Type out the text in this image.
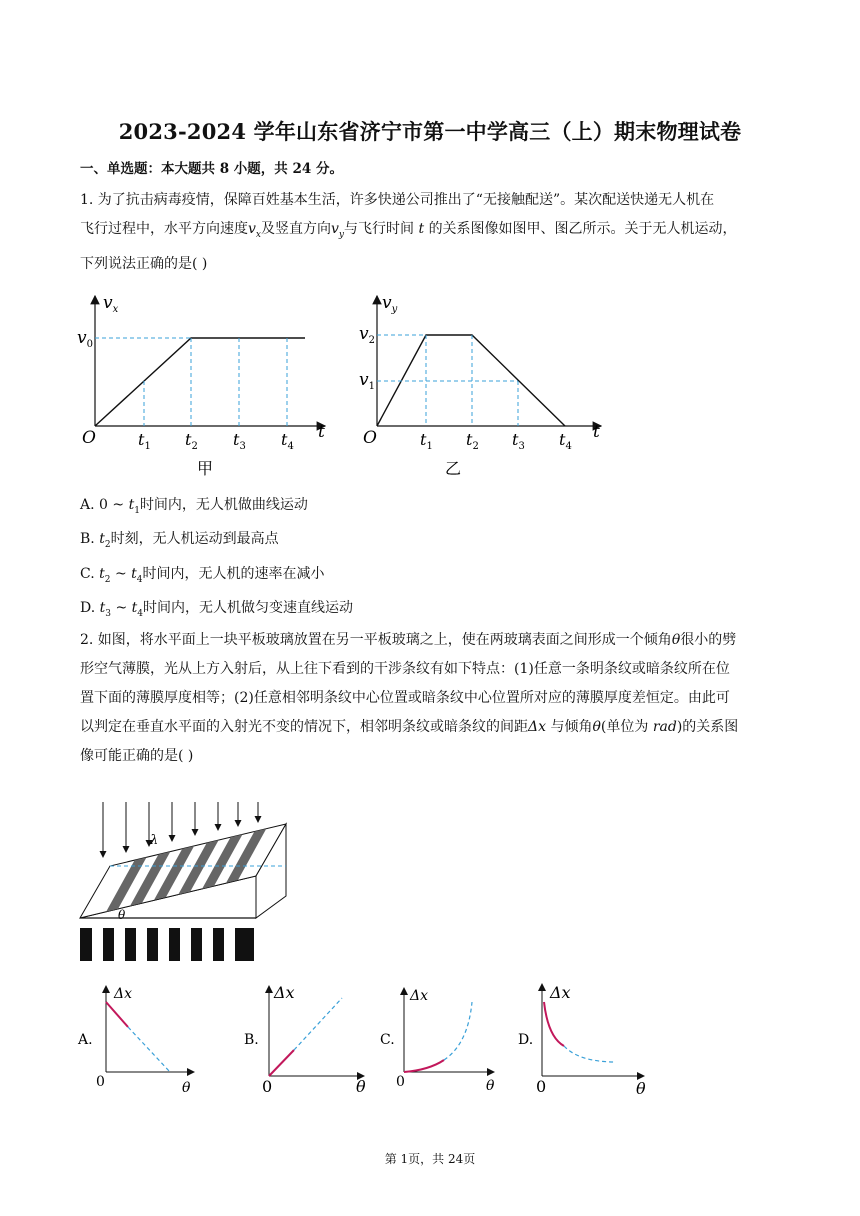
2023-2024 学年山东省济宁市第一中学高三（上）期末物理试卷
一、单选题：本大题共 8 小题，共 24 分。
1. 为了抗击病毒疫情，保障百姓基本生活，许多快递公司推出了“无接触配送”。某次配送快递无人机在
飞行过程中，水平方向速度$v_x$及竖直方向$v_y$与飞行时间 t 的关系图像如图甲、图乙所示。关于无人机运动，
下列说法正确的是( )
$v_x$
t
O
$v_0$
$t_1$ $t_2$ $t_3$ $t_4$
甲
$v_y$
t
O
$v_2$
$v_1$
$t_1$ $t_2$ $t_3$ $t_4$
乙
A. 0 ~ $t_1$时间内，无人机做曲线运动
B. $t_2$时刻，无人机运动到最高点
C. $t_2$ ~ $t_4$时间内，无人机的速率在减小
D. $t_3$ ~ $t_4$时间内，无人机做匀变速直线运动
2. 如图，将水平面上一块平板玻璃放置在另一平板玻璃之上，使在两玻璃表面之间形成一个倾角θ很小的劈
形空气薄膜，光从上方入射后，从上往下看到的干涉条纹有如下特点：(1)任意一条明条纹或暗条纹所在位
置下面的薄膜厚度相等；(2)任意相邻明条纹中心位置或暗条纹中心位置所对应的薄膜厚度差恒定。由此可
以判定在垂直水平面的入射光不变的情况下，相邻明条纹或暗条纹的间距Δx 与倾角θ(单位为 rad)的关系图
像可能正确的是( )
λ
θ
A.
Δx
0	θ
B.
Δx
0	θ
C.
Δx
0	θ
D.
Δx
0	θ
第 1页，共 24页
